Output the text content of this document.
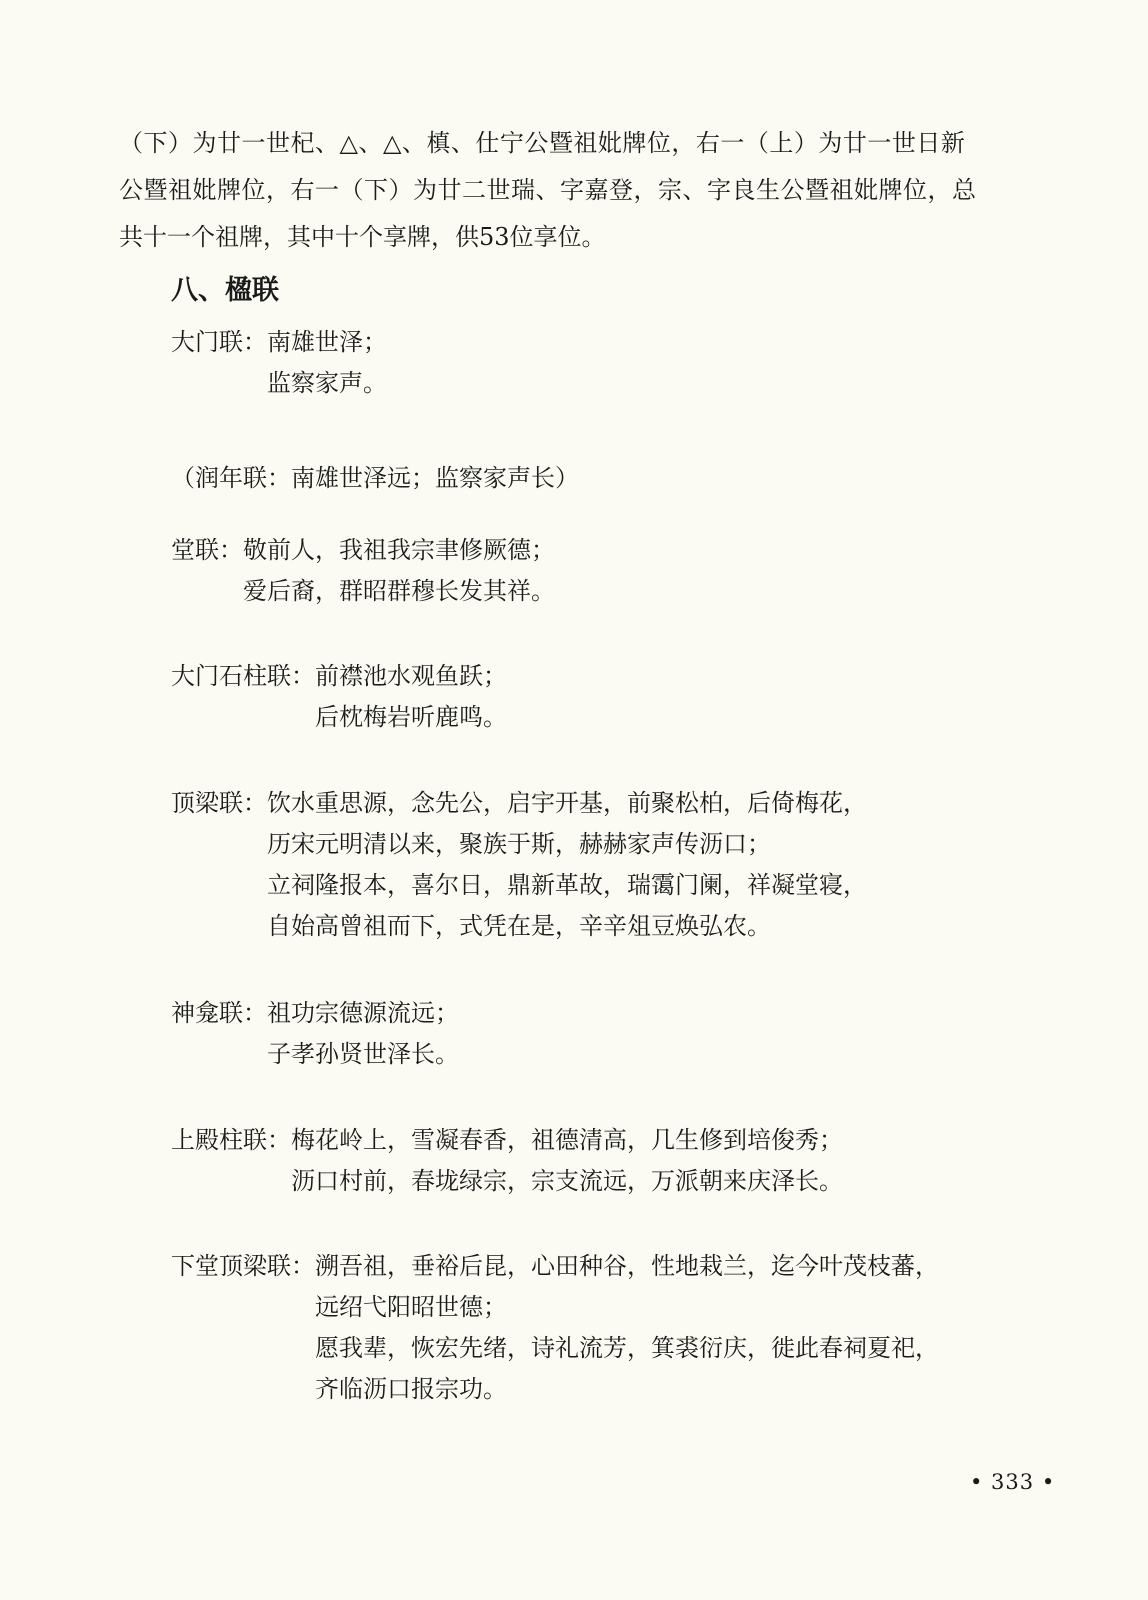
（下）为廿一世杞、△、△、槙、仕宁公暨祖妣牌位，右一（上）为廿一世日新
公暨祖妣牌位，右一（下）为廿二世瑞、字嘉登，宗、字良生公暨祖妣牌位，总
共十一个祖牌，其中十个享牌，供53位享位。

八、楹联
大门联：南雄世泽；
监察家声。
（润年联：南雄世泽远；监察家声长）
堂联：敬前人，我祖我宗聿修厥德；
爱后裔，群昭群穆长发其祥。
大门石柱联：前襟池水观鱼跃；
后枕梅岩听鹿鸣。
顶梁联：饮水重思源，念先公，启宇开基，前聚松柏，后倚梅花，
历宋元明清以来，聚族于斯，赫赫家声传沥口；
立祠隆报本，喜尔日，鼎新革故，瑞霭门阑，祥凝堂寝，
自始高曾祖而下，式凭在是，辛辛俎豆焕弘农。
神龛联：祖功宗德源流远；
子孝孙贤世泽长。
上殿柱联：梅花岭上，雪凝春香，祖德清高，几生修到培俊秀；
沥口村前，春垅绿宗，宗支流远，万派朝来庆泽长。
下堂顶梁联：溯吾祖，垂裕后昆，心田种谷，性地栽兰，迄今叶茂枝蕃，
远绍弋阳昭世德；
愿我辈，恢宏先绪，诗礼流芳，箕裘衍庆，徙此春祠夏祀，
齐临沥口报宗功。
• 333 •
